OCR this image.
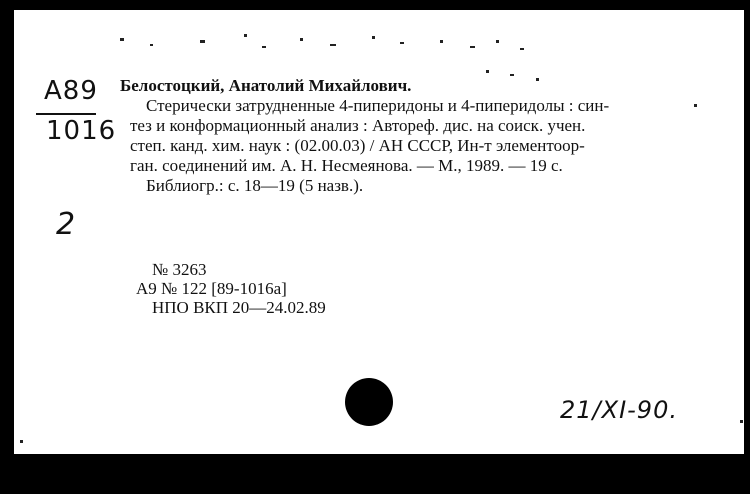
A89
1016
2
Белостоцкий, Анатолий Михайлович.
Стерически затрудненные 4-пиперидоны и 4-пиперидолы : син-
тез и конформационный анализ : Автореф. дис. на соиск. учен.
степ. канд. хим. наук : (02.00.03) / АН СССР, Ин-т элементоор-
ган. соединений им. А. Н. Несмеянова. — М., 1989. — 19 с.
Библиогр.: с. 18—19 (5 назв.).
№ 3263
А9 № 122 [89-1016а]
НПО ВКП 20—24.02.89
21/XI-90.
